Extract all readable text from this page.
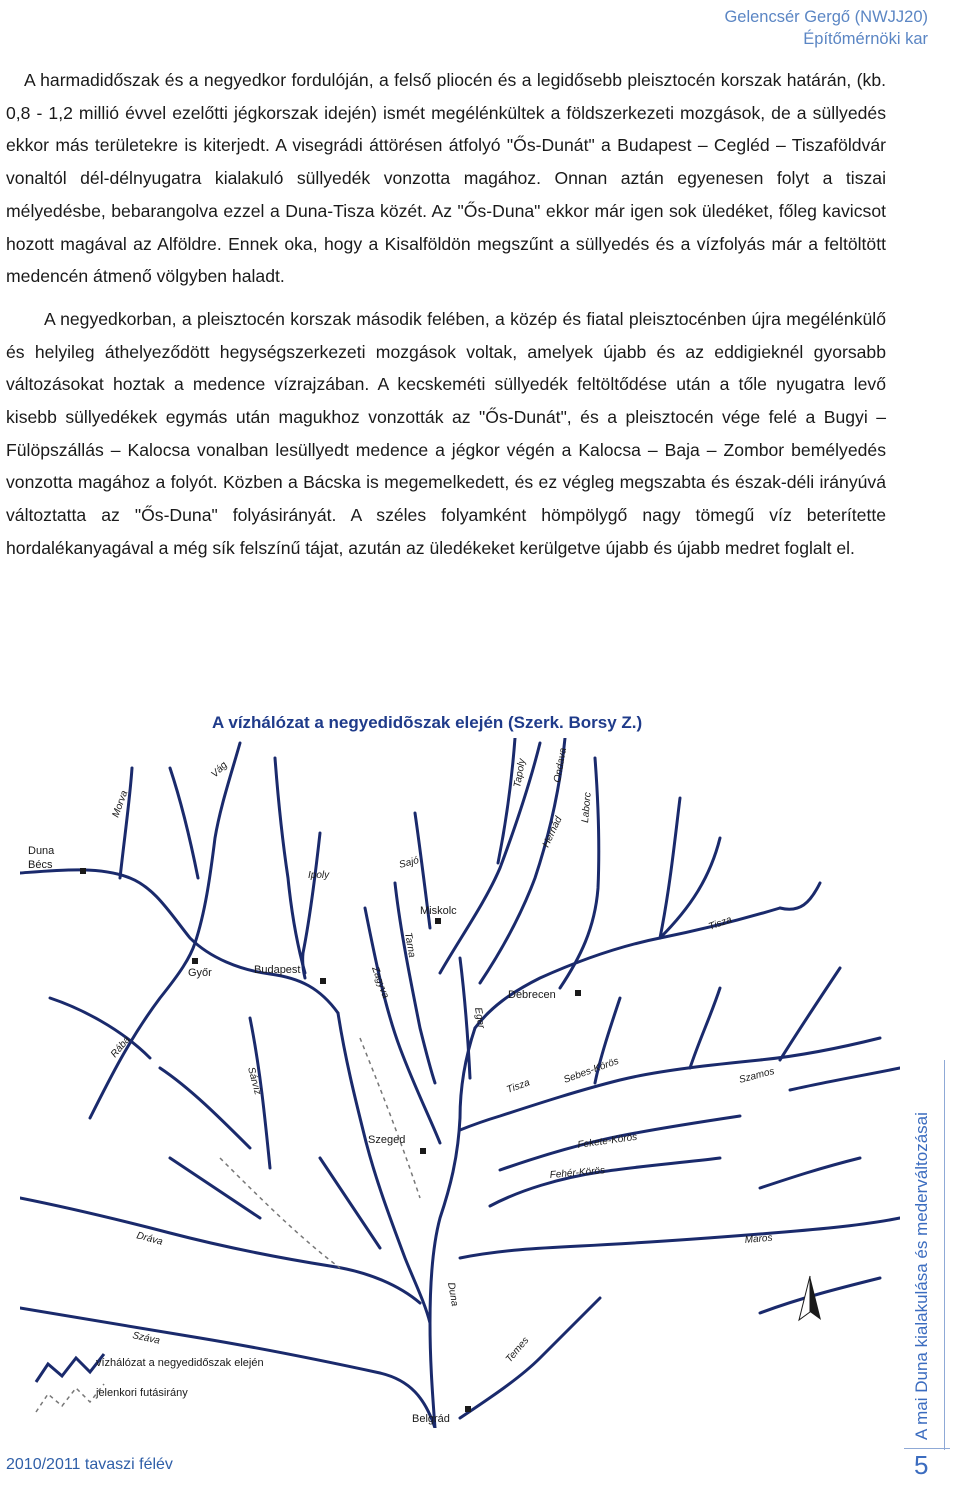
Gelencsér Gergő (NWJJ20)
Építőmérnöki kar

A harmadidőszak és a negyedkor fordulóján, a felső pliocén és a legidősebb pleisztocén korszak határán, (kb. 0,8 - 1,2 millió évvel ezelőtti jégkorszak idején) ismét megélénkültek a földszerkezeti mozgások, de a süllyedés ekkor más területekre is kiterjedt. A visegrádi áttörésen átfolyó "Ős-Dunát" a Budapest – Cegléd – Tiszaföldvár vonaltól dél-délnyugatra kialakuló süllyedék vonzotta magához. Onnan aztán egyenesen folyt a tiszai mélyedésbe, bebarangolva ezzel a Duna-Tisza közét. Az "Ős-Duna" ekkor már igen sok üledéket, főleg kavicsot hozott magával az Alföldre. Ennek oka, hogy a Kisalföldön megszűnt a süllyedés és a vízfolyás már a feltöltött medencén átmenő völgyben haladt.

A negyedkorban, a pleisztocén korszak második felében, a közép és fiatal pleisztocénben újra megélénkülő és helyileg áthelyeződött hegységszerkezeti mozgások voltak, amelyek újabb és az eddigieknél gyorsabb változásokat hoztak a medence vízrajzában. A kecskeméti süllyedék feltöltődése után a tőle nyugatra levő kisebb süllyedékek egymás után magukhoz vonzották az "Ős-Dunát", és a pleisztocén vége felé a Bugyi – Fülöpszállás – Kalocsa vonalban lesüllyedt medence a jégkor végén a Kalocsa – Baja – Zombor bemélyedés vonzotta magához a folyót. Közben a Bácska is megemelkedett, és ez végleg megszabta és észak-déli irányúvá változtatta az "Ős-Duna" folyásirányát. A széles folyamként hömpölygő nagy tömegű víz beterítette hordalékanyagával a még sík felszínű tájat, azután az üledékeket kerülgetve újabb és újabb medret foglalt el.

A vízhálózat a negyedidõszak elején (Szerk. Borsy Z.)
Bécs
Győr	Budapest
Miskolc
Debrecen
Szeged
Belgrád
Duna
Morva
Vág	Tapoly Ondava
Laborc
Hernád
Sajó
Ipoly
Tarna
Zagyva
Eger
Tisza
Rába
Sárvíz	Tisza
Sebes-Körös	Szamos
Fekete-Körös
Fehér-Körös
Maros
Dráva
Duna
Temes
Száva
vízhálózat a negyedidőszak elején
jelenkori futásirány
2010/2011 tavaszi félév
A mai Duna kialakulása és mederváltozásai
5
